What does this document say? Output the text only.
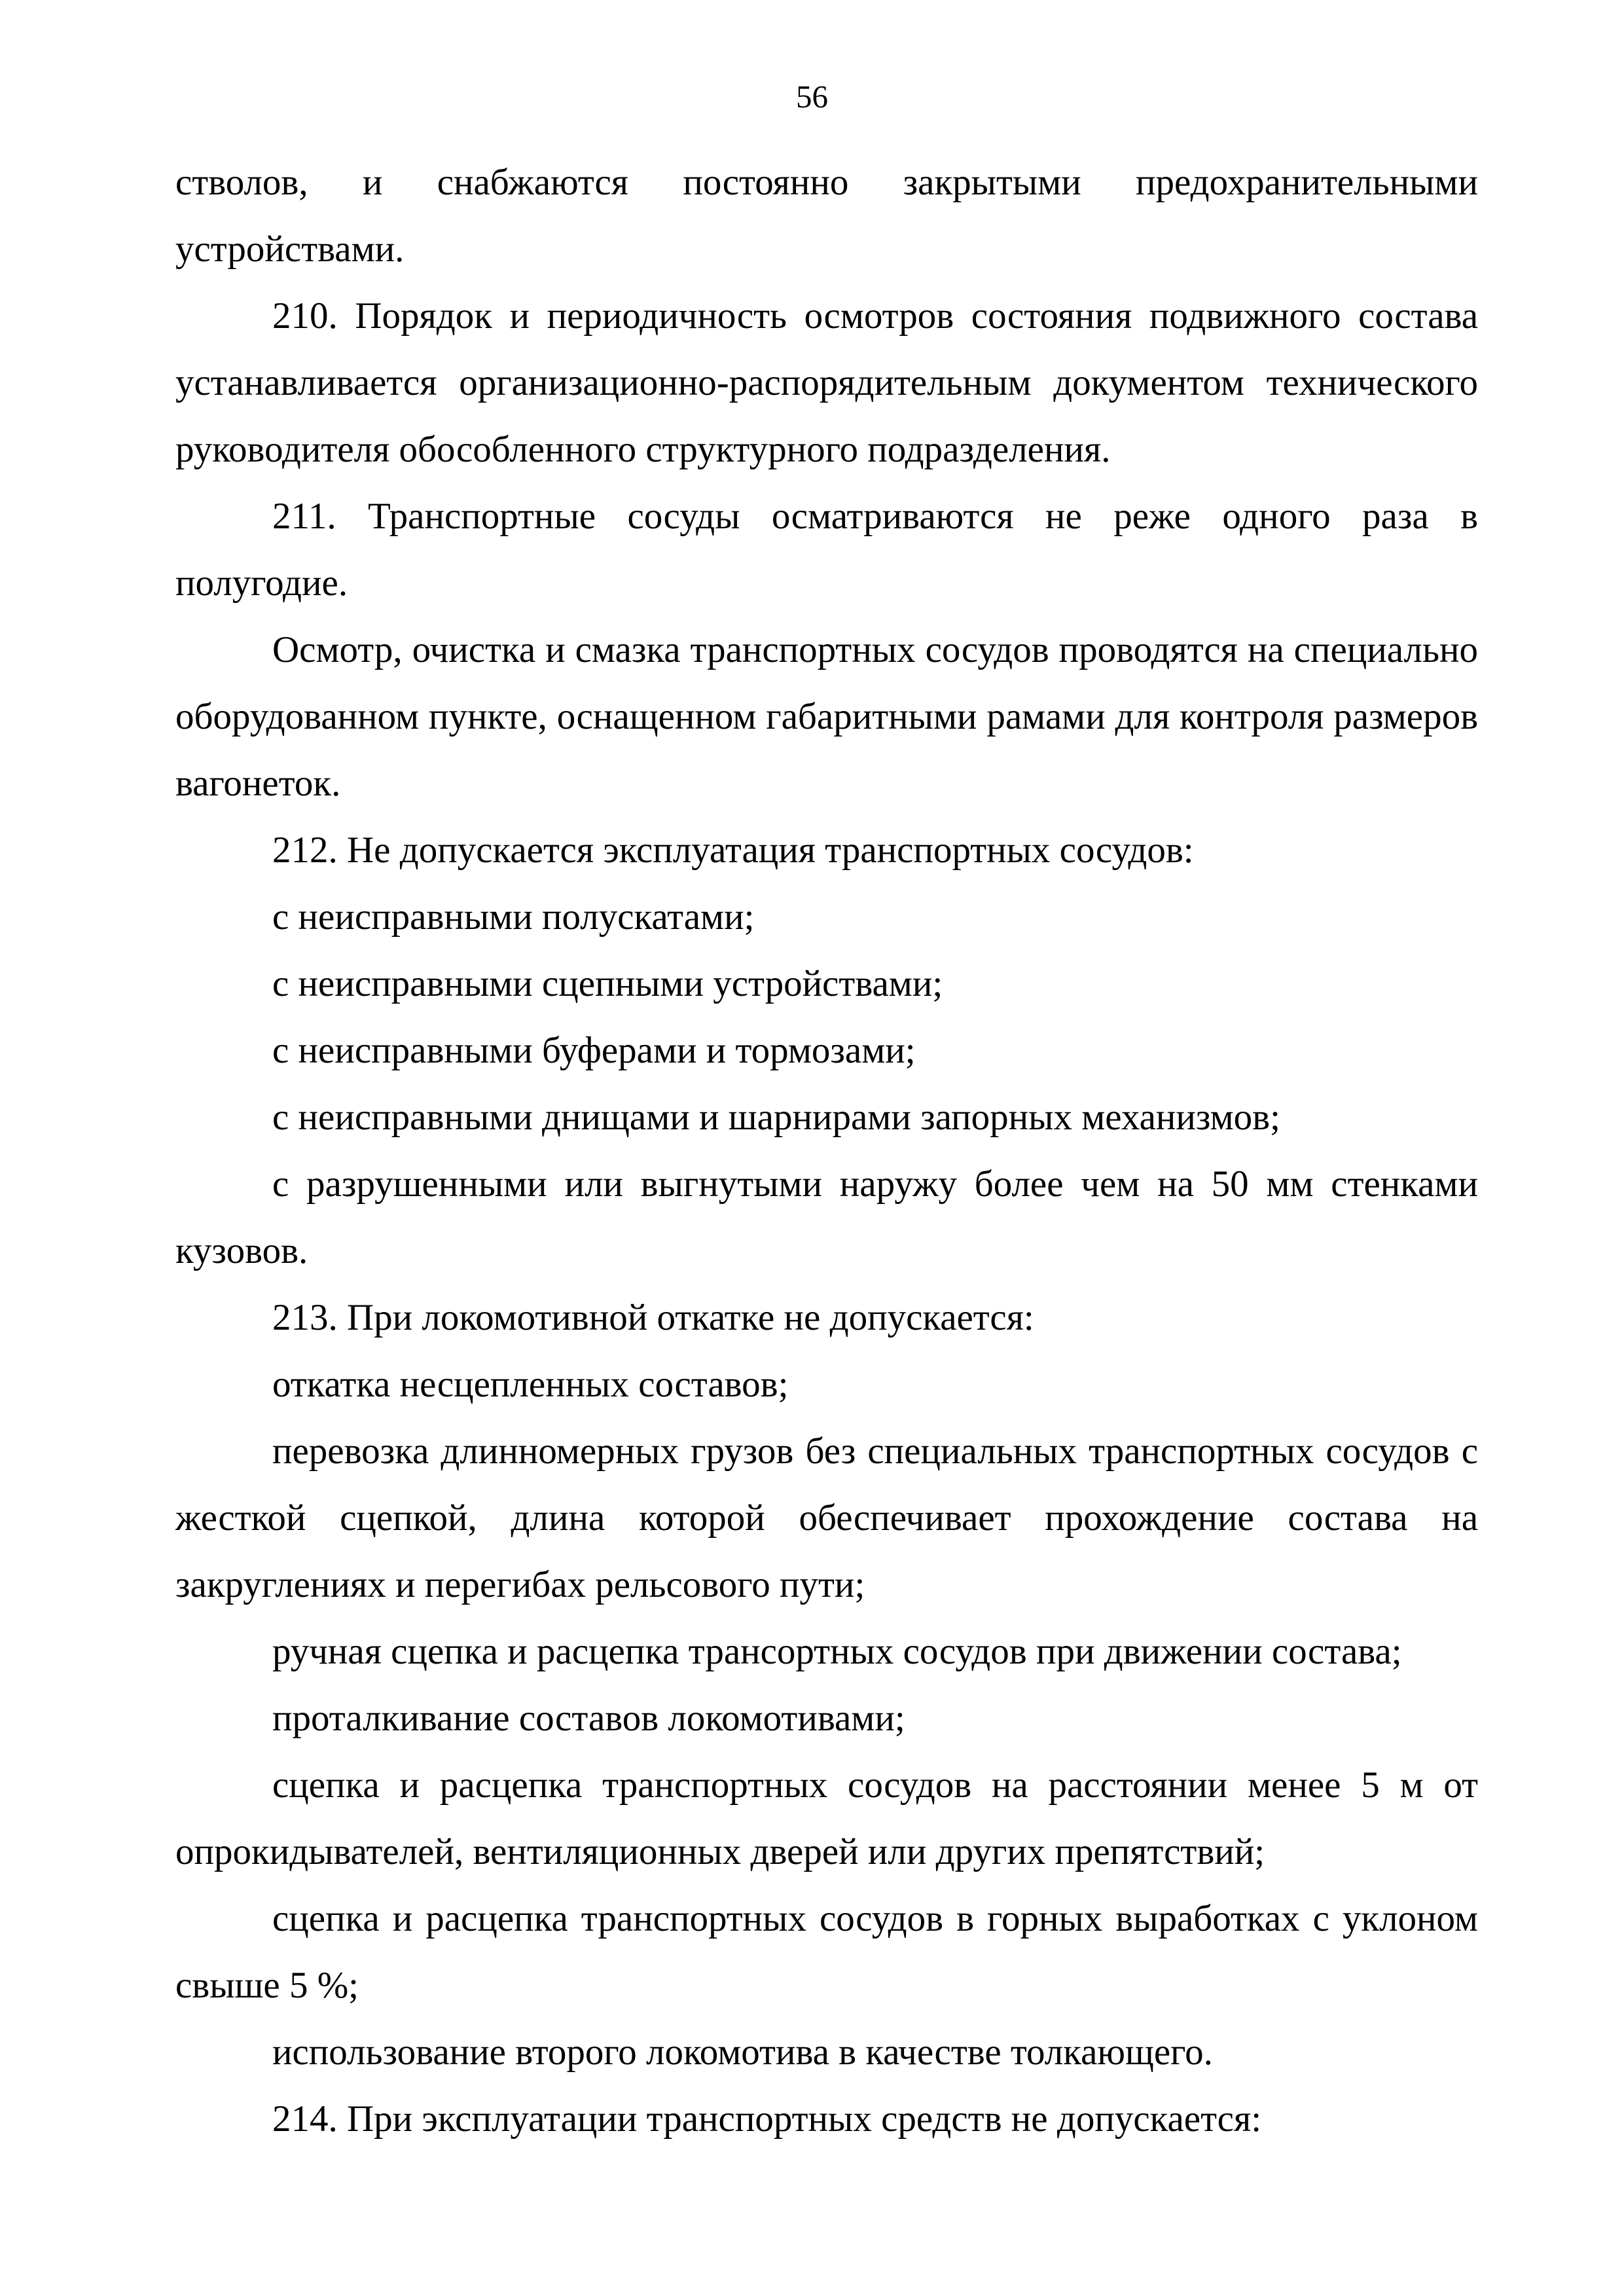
56

стволов, и снабжаются постоянно закрытыми предохранительными устройствами.

210. Порядок и периодичность осмотров состояния подвижного состава устанавливается организационно-распорядительным документом технического руководителя обособленного структурного подразделения.

211. Транспортные сосуды осматриваются не реже одного раза в полугодие.

Осмотр, очистка и смазка транспортных сосудов проводятся на специально оборудованном пункте, оснащенном габаритными рамами для контроля размеров вагонеток.

212. Не допускается эксплуатация транспортных сосудов:

с неисправными полускатами;

с неисправными сцепными устройствами;

с неисправными буферами и тормозами;

с неисправными днищами и шарнирами запорных механизмов;

с разрушенными или выгнутыми наружу более чем на 50 мм стенками кузовов.

213. При локомотивной откатке не допускается:

откатка несцепленных составов;

перевозка длинномерных грузов без специальных транспортных сосудов с жесткой сцепкой, длина которой обеспечивает прохождение состава на закруглениях и перегибах рельсового пути;

ручная сцепка и расцепка трансортных сосудов при движении состава;

проталкивание составов локомотивами;

сцепка и расцепка транспортных сосудов на расстоянии менее 5 м от опрокидывателей, вентиляционных дверей или других препятствий;

сцепка и расцепка транспортных сосудов в горных выработках с уклоном свыше 5 %;

использование второго локомотива в качестве толкающего.

214. При эксплуатации транспортных средств не допускается:
